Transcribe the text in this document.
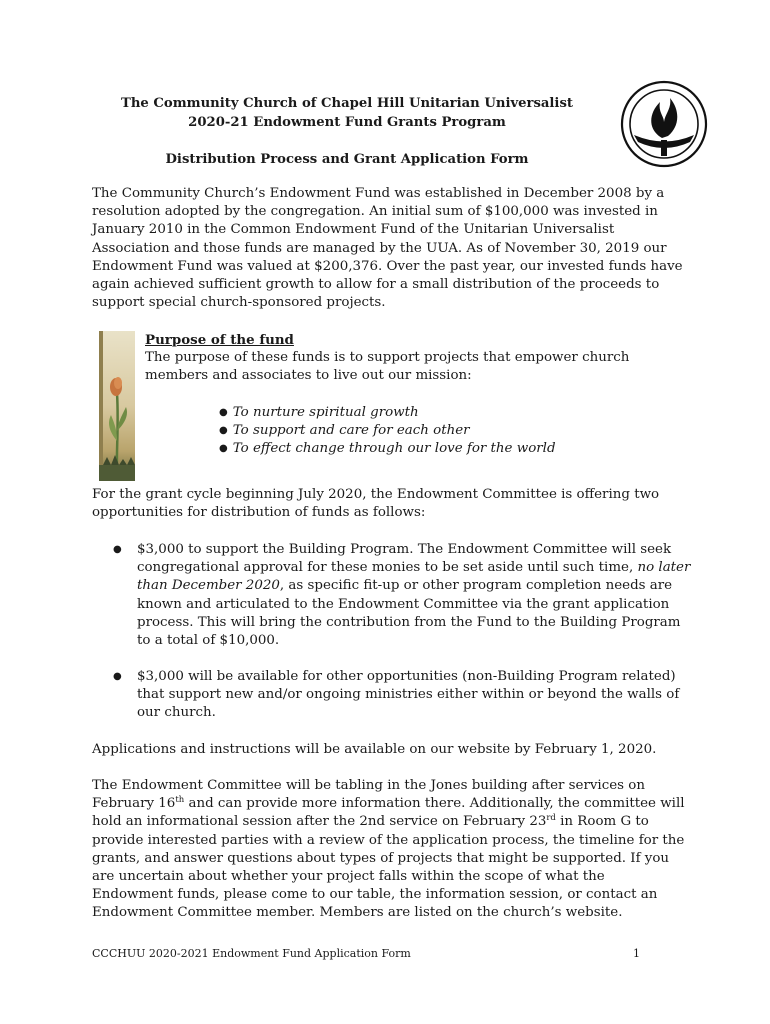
The Community Church of Chapel Hill Unitarian Universalist
2020-21 Endowment Fund Grants Program
Distribution Process and Grant Application Form

The Community Church’s Endowment Fund was established in December 2008 by a resolution adopted by the congregation. An initial sum of $100,000 was invested in January 2010 in the Common Endowment Fund of the Unitarian Universalist Association and those funds are managed by the UUA. As of November 30, 2019 our Endowment Fund was valued at $200,376. Over the past year, our invested funds have again achieved sufficient growth to allow for a small distribution of the proceeds to support special church-sponsored projects.

Purpose of the fund
The purpose of these funds is to support projects that empower church members and associates to live out our mission:
● To nurture spiritual growth
● To support and care for each other
● To effect change through our love for the world

For the grant cycle beginning July 2020, the Endowment Committee is offering two opportunities for distribution of funds as follows:

● $3,000 to support the Building Program. The Endowment Committee will seek congregational approval for these monies to be set aside until such time, no later than December 2020, as specific fit-up or other program completion needs are known and articulated to the Endowment Committee via the grant application process. This will bring the contribution from the Fund to the Building Program to a total of $10,000.
● $3,000 will be available for other opportunities (non-Building Program related) that support new and/or ongoing ministries either within or beyond the walls of our church.

Applications and instructions will be available on our website by February 1, 2020.

The Endowment Committee will be tabling in the Jones building after services on February 16th and can provide more information there. Additionally, the committee will hold an informational session after the 2nd service on February 23rd in Room G to provide interested parties with a review of the application process, the timeline for the grants, and answer questions about types of projects that might be supported. If you are uncertain about whether your project falls within the scope of what the Endowment funds, please come to our table, the information session, or contact an Endowment Committee member. Members are listed on the church’s website.

CCCHUU 2020-2021 Endowment Fund Application Form	1
